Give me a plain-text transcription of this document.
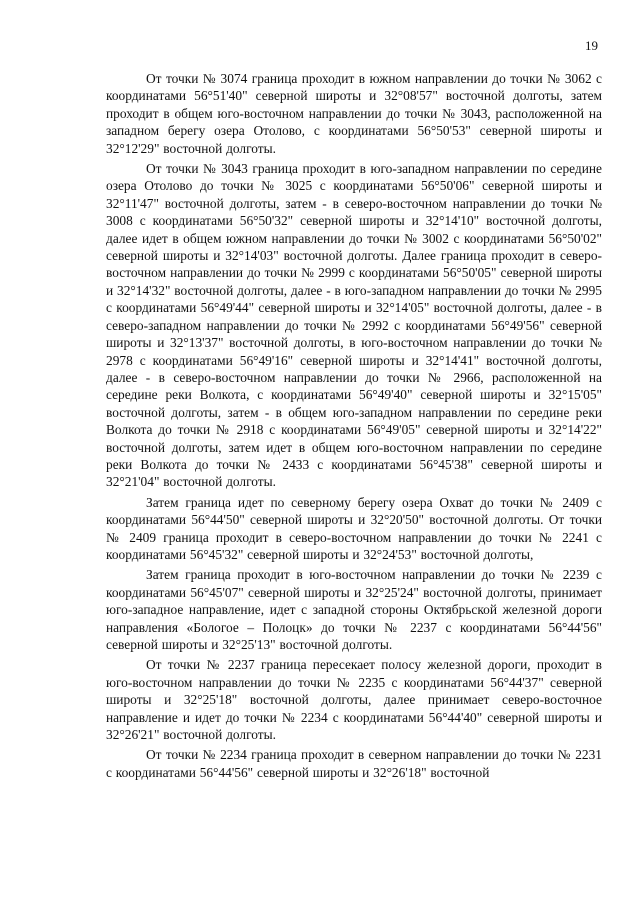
19

От точки № 3074 граница проходит в южном направлении до точки № 3062 с координатами 56°51'40" северной широты и 32°08'57" восточной долготы, затем проходит в общем юго-восточном направлении до точки № 3043, расположенной на западном берегу озера Отолово, с координатами 56°50'53" северной широты и 32°12'29" восточной долготы.

От точки № 3043 граница проходит в юго-западном направлении по середине озера Отолово до точки № 3025 с координатами 56°50'06" северной широты и 32°11'47" восточной долготы, затем - в северо-восточном направлении до точки № 3008 с координатами 56°50'32" северной широты и 32°14'10" восточной долготы, далее идет в общем южном направлении до точки № 3002 с координатами 56°50'02" северной широты и 32°14'03" восточной долготы. Далее граница проходит в северо-восточном направлении до точки № 2999 с координатами 56°50'05" северной широты и 32°14'32" восточной долготы, далее - в юго-западном направлении до точки № 2995 с координатами 56°49'44" северной широты и 32°14'05" восточной долготы, далее - в северо-западном направлении до точки № 2992 с координатами 56°49'56" северной широты и 32°13'37" восточной долготы, в юго-восточном направлении до точки № 2978 с координатами 56°49'16" северной широты и 32°14'41" восточной долготы, далее - в северо-восточном направлении до точки № 2966, расположенной на середине реки Волкота, с координатами 56°49'40" северной широты и 32°15'05" восточной долготы, затем - в общем юго-западном направлении по середине реки Волкота до точки № 2918 с координатами 56°49'05" северной широты и 32°14'22" восточной долготы, затем идет в общем юго-восточном направлении по середине реки Волкота до точки № 2433 с координатами 56°45'38" северной широты и 32°21'04" восточной долготы.

Затем граница идет по северному берегу озера Охват до точки № 2409 с координатами 56°44'50" северной широты и 32°20'50" восточной долготы. От точки № 2409 граница проходит в северо-восточном направлении до точки № 2241 с координатами 56°45'32" северной широты и 32°24'53" восточной долготы,

Затем граница проходит в юго-восточном направлении до точки № 2239 с координатами 56°45'07" северной широты и 32°25'24" восточной долготы, принимает юго-западное направление, идет с западной стороны Октябрьской железной дороги направления «Бологое – Полоцк» до точки № 2237 с координатами 56°44'56" северной широты и 32°25'13" восточной долготы.

От точки № 2237 граница пересекает полосу железной дороги, проходит в юго-восточном направлении до точки № 2235 с координатами 56°44'37" северной широты и 32°25'18" восточной долготы, далее принимает северо-восточное направление и идет до точки № 2234 с координатами 56°44'40" северной широты и 32°26'21" восточной долготы.

От точки № 2234 граница проходит в северном направлении до точки № 2231 с координатами 56°44'56" северной широты и 32°26'18" восточной
